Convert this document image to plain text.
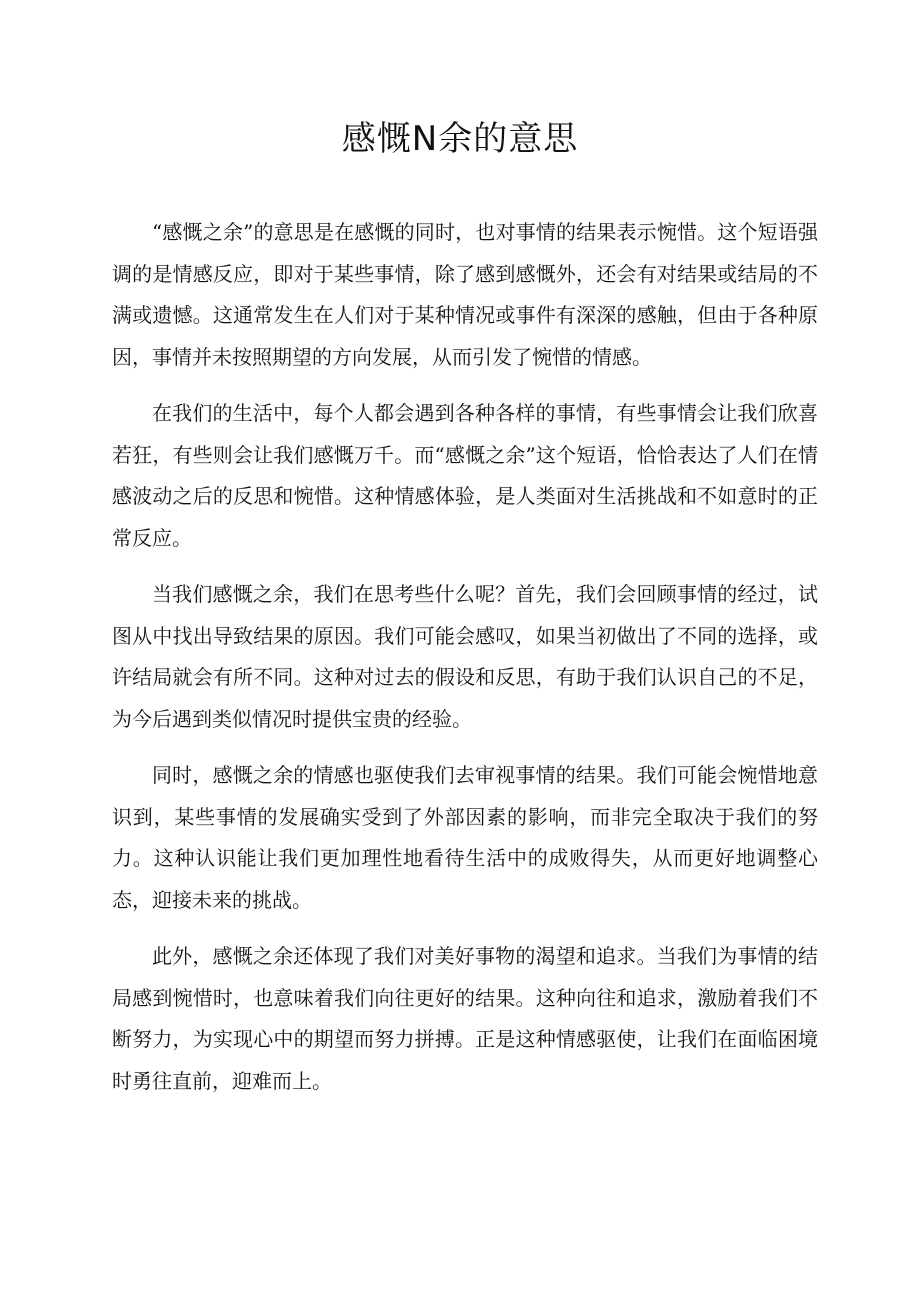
感慨N余的意思

“感慨之余”的意思是在感慨的同时，也对事情的结果表示惋惜。这个短语强调的是情感反应，即对于某些事情，除了感到感慨外，还会有对结果或结局的不满或遗憾。这通常发生在人们对于某种情况或事件有深深的感触，但由于各种原因，事情并未按照期望的方向发展，从而引发了惋惜的情感。

在我们的生活中，每个人都会遇到各种各样的事情，有些事情会让我们欣喜若狂，有些则会让我们感慨万千。而“感慨之余”这个短语，恰恰表达了人们在情感波动之后的反思和惋惜。这种情感体验，是人类面对生活挑战和不如意时的正常反应。

当我们感慨之余，我们在思考些什么呢？首先，我们会回顾事情的经过，试图从中找出导致结果的原因。我们可能会感叹，如果当初做出了不同的选择，或许结局就会有所不同。这种对过去的假设和反思，有助于我们认识自己的不足，为今后遇到类似情况时提供宝贵的经验。

同时，感慨之余的情感也驱使我们去审视事情的结果。我们可能会惋惜地意识到，某些事情的发展确实受到了外部因素的影响，而非完全取决于我们的努力。这种认识能让我们更加理性地看待生活中的成败得失，从而更好地调整心态，迎接未来的挑战。

此外，感慨之余还体现了我们对美好事物的渴望和追求。当我们为事情的结局感到惋惜时，也意味着我们向往更好的结果。这种向往和追求，激励着我们不断努力，为实现心中的期望而努力拼搏。正是这种情感驱使，让我们在面临困境时勇往直前，迎难而上。
